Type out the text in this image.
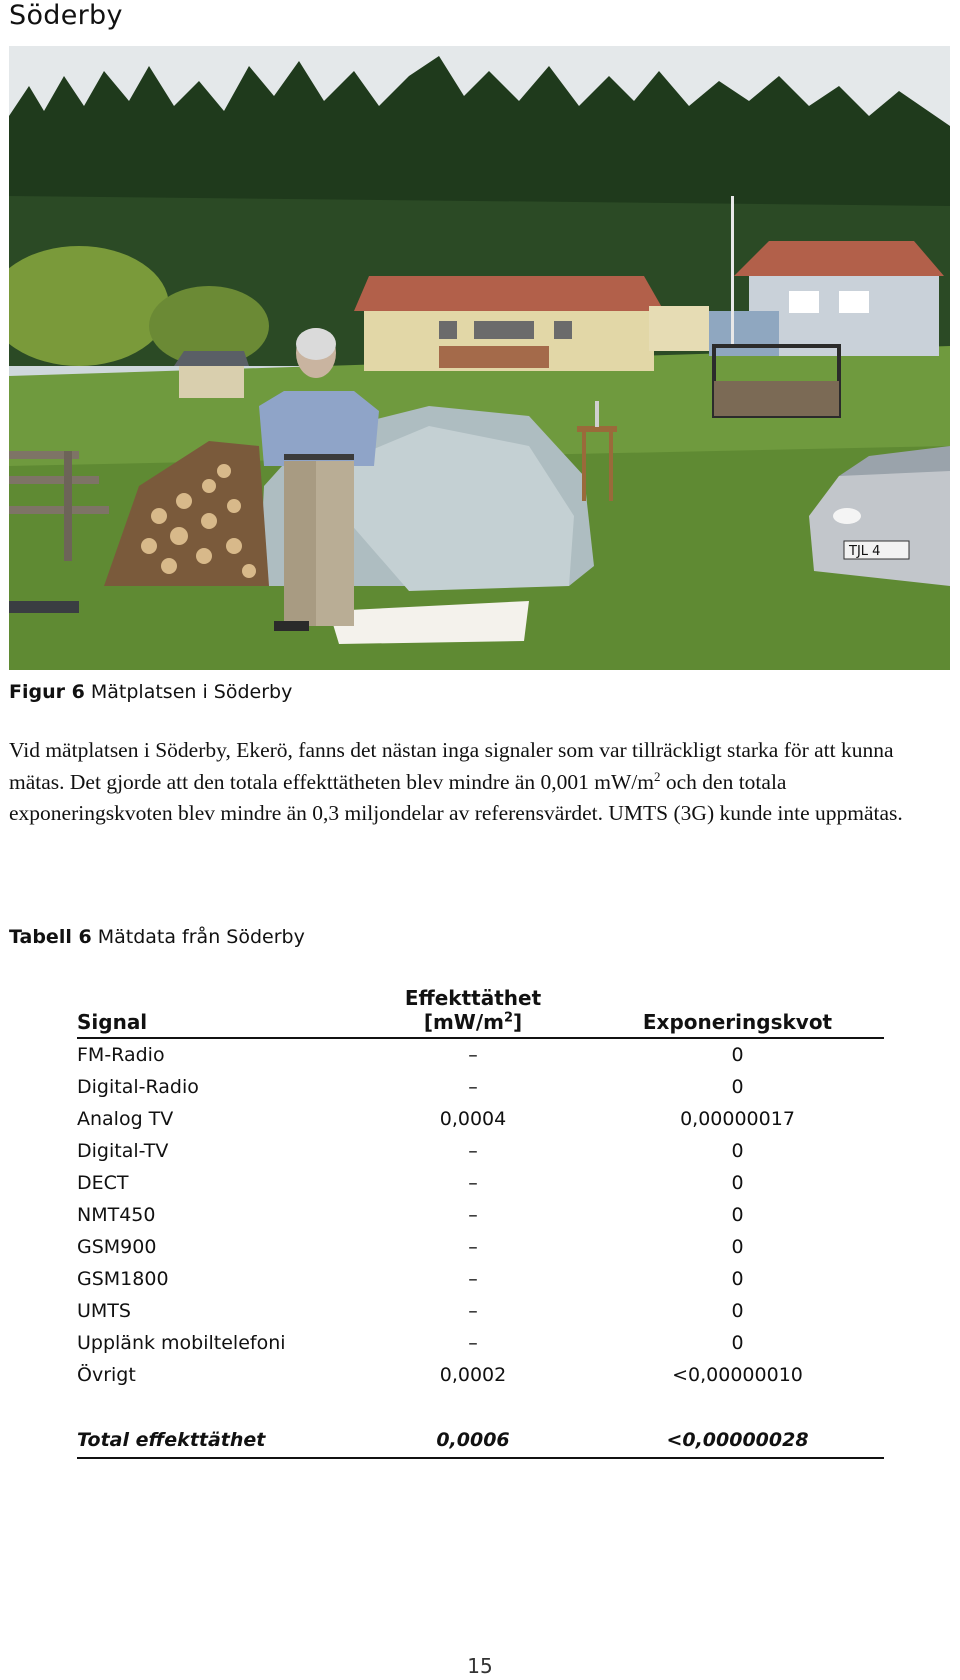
Söderby
TJL 4
Figur 6 Mätplatsen i Söderby

Vid mätplatsen i Söderby, Ekerö, fanns det nästan inga signaler som var tillräckligt starka för att kunna mätas. Det gjorde att den totala effekttätheten blev mindre än 0,001 $mW/m^2$ och den totala exponeringskvoten blev mindre än 0,3 miljondelar av referensvärdet. UMTS (3G) kunde inte uppmätas.

Tabell 6 Mätdata från Söderby
Signal	Effekttäthet $[mW/m^2]$	Exponeringskvot
FM-Radio	–	0
Digital-Radio	–	0
Analog TV	0,0004	0,00000017
Digital-TV	–	0
DECT	–	0
NMT450	–	0
GSM900	–	0
GSM1800	–	0
UMTS	–	0
Upplänk mobiltelefoni	–	0
Övrigt	0,0002	<0,00000010

Total effekttäthet	0,0006	<0,00000028
15
